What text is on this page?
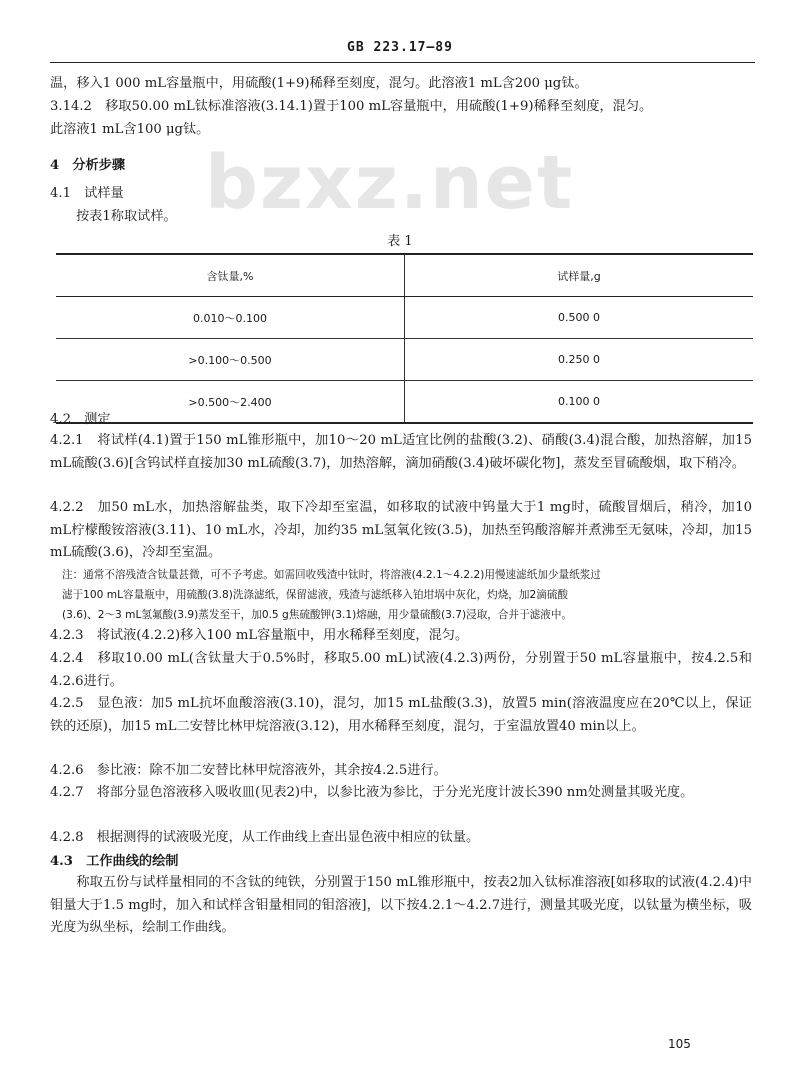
GB 223.17—89
bzxz.net
温，移入1 000 mL容量瓶中，用硫酸(1+9)稀释至刻度，混匀。此溶液1 mL含200 μg钛。
3.14.2　移取50.00 mL钛标准溶液(3.14.1)置于100 mL容量瓶中，用硫酸(1+9)稀释至刻度，混匀。
此溶液1 mL含100 μg钛。
4　分析步骤
4.1　试样量
按表1称取试样。
表 1
含钛量,%	试样量,g
0.010～0.100	0.500 0
>0.100～0.500	0.250 0
>0.500～2.400	0.100 0
4.2　测定
4.2.1　将试样(4.1)置于150 mL锥形瓶中，加10～20 mL适宜比例的盐酸(3.2)、硝酸(3.4)混合酸，加热溶解，加15 mL硫酸(3.6)[含钨试样直接加30 mL硫酸(3.7)，加热溶解，滴加硝酸(3.4)破坏碳化物]，蒸发至冒硫酸烟，取下稍冷。
4.2.2　加50 mL水，加热溶解盐类，取下冷却至室温，如移取的试液中钨量大于1 mg时，硫酸冒烟后，稍冷，加10 mL柠檬酸铵溶液(3.11)、10 mL水，冷却，加约35 mL氢氧化铵(3.5)，加热至钨酸溶解并煮沸至无氨味，冷却，加15 mL硫酸(3.6)，冷却至室温。
注：通常不溶残渣含钛量甚微，可不予考虑。如需回收残渣中钛时，将溶液(4.2.1～4.2.2)用慢速滤纸加少量纸浆过
滤于100 mL容量瓶中，用硫酸(3.8)洗涤滤纸，保留滤液，残渣与滤纸移入铂坩埚中灰化，灼烧，加2滴硫酸
(3.6)、2～3 mL氢氟酸(3.9)蒸发至干，加0.5 g焦硫酸钾(3.1)熔融，用少量硫酸(3.7)浸取，合并于滤液中。
4.2.3　将试液(4.2.2)移入100 mL容量瓶中，用水稀释至刻度，混匀。
4.2.4　移取10.00 mL(含钛量大于0.5%时，移取5.00 mL)试液(4.2.3)两份，分别置于50 mL容量瓶中，按4.2.5和4.2.6进行。
4.2.5　显色液：加5 mL抗坏血酸溶液(3.10)，混匀，加15 mL盐酸(3.3)，放置5 min(溶液温度应在20℃以上，保证铁的还原)，加15 mL二安替比林甲烷溶液(3.12)，用水稀释至刻度，混匀，于室温放置40 min以上。
4.2.6　参比液：除不加二安替比林甲烷溶液外，其余按4.2.5进行。
4.2.7　将部分显色溶液移入吸收皿(见表2)中，以参比液为参比，于分光光度计波长390 nm处测量其吸光度。
4.2.8　根据测得的试液吸光度，从工作曲线上查出显色液中相应的钛量。
4.3　工作曲线的绘制
称取五份与试样量相同的不含钛的纯铁，分别置于150 mL锥形瓶中，按表2加入钛标准溶液[如移取的试液(4.2.4)中钼量大于1.5 mg时，加入和试样含钼量相同的钼溶液]，以下按4.2.1～4.2.7进行，测量其吸光度，以钛量为横坐标，吸光度为纵坐标，绘制工作曲线。
105
